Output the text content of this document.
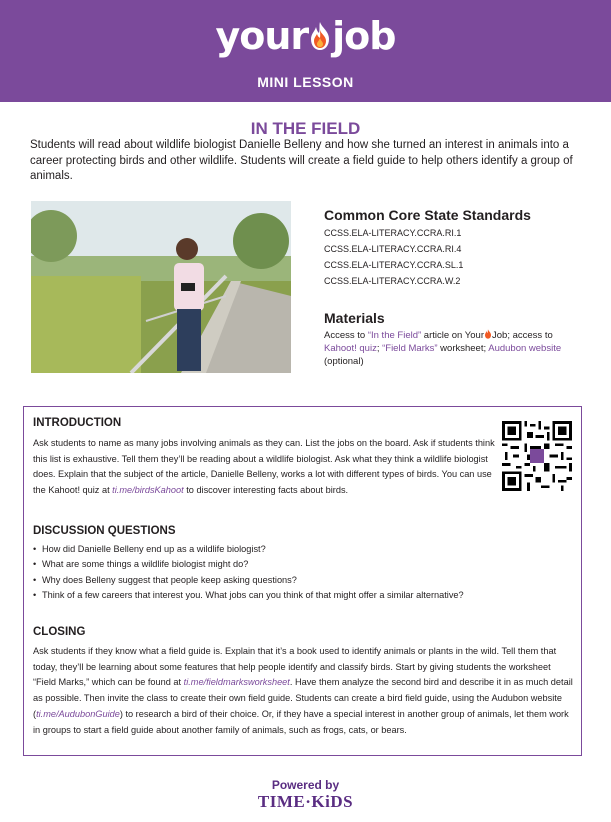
your job
MINI LESSON
IN THE FIELD

Students will read about wildlife biologist Danielle Belleny and how she turned an interest in animals into a career protecting birds and other wildlife. Students will create a field guide to help others identify a group of animals.

Common Core State Standards
CCSS.ELA-LITERACY.CCRA.RI.1
CCSS.ELA-LITERACY.CCRA.RI.4
CCSS.ELA-LITERACY.CCRA.SL.1
CCSS.ELA-LITERACY.CCRA.W.2
Materials

Access to “In the Field” article on Your Job; access to Kahoot! quiz; “Field Marks” worksheet; Audubon website (optional)

INTRODUCTION

Ask students to name as many jobs involving animals as they can. List the jobs on the board. Ask if students think this list is exhaustive. Tell them they’ll be reading about a wildlife biologist. Ask what they think a wildlife biologist does. Explain that the subject of the article, Danielle Belleny, works a lot with different types of birds. You can use the Kahoot! quiz at ti.me/birdsKahoot to discover interesting facts about birds.

DISCUSSION QUESTIONS
• How did Danielle Belleny end up as a wildlife biologist?
• What are some things a wildlife biologist might do?
• Why does Belleny suggest that people keep asking questions?
• Think of a few careers that interest you. What jobs can you think of that might offer a similar alternative?
CLOSING

Ask students if they know what a field guide is. Explain that it’s a book used to identify animals or plants in the wild. Tell them that today, they’ll be learning about some features that help people identify and classify birds. Start by giving students the worksheet “Field Marks,” which can be found at ti.me/fieldmarksworksheet. Have them analyze the second bird and describe it in as much detail as possible. Then invite the class to create their own field guide. Students can create a bird field guide, using the Audubon website (ti.me/AudubonGuide) to research a bird of their choice. Or, if they have a special interest in another group of animals, let them work in groups to start a field guide about another family of animals, such as frogs, cats, or bears.

Powered by
TIME·KiDS
